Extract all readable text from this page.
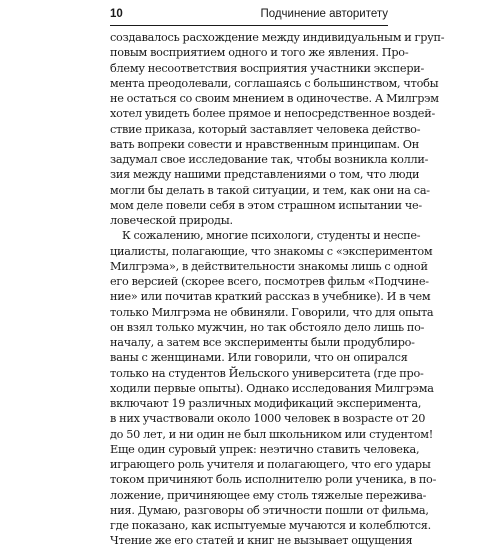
10	Подчинение авторитету
создавалось расхождение между индивидуальным и груп-
повым восприятием одного и того же явления. Про-
блему несоответствия восприятия участники экспери-
мента преодолевали, соглашаясь с большинством, чтобы
не остаться со своим мнением в одиночестве. А Милгрэм
хотел увидеть более прямое и непосредственное воздей-
ствие приказа, который заставляет человека действо-
вать вопреки совести и нравственным принципам. Он
задумал свое исследование так, чтобы возникла колли-
зия между нашими представлениями о том, что люди
могли бы делать в такой ситуации, и тем, как они на са-
мом деле повели себя в этом страшном испытании че-
ловеческой природы.
К сожалению, многие психологи, студенты и неспе-
циалисты, полагающие, что знакомы с «экспериментом
Милгрэма», в действительности знакомы лишь с одной
его версией (скорее всего, посмотрев фильм «Подчине-
ние» или почитав краткий рассказ в учебнике). И в чем
только Милгрэма не обвиняли. Говорили, что для опыта
он взял только мужчин, но так обстояло дело лишь по-
началу, а затем все эксперименты были продублиро-
ваны с женщинами. Или говорили, что он опирался
только на студентов Йельского университета (где про-
ходили первые опыты). Однако исследования Милгрэма
включают 19 различных модификаций эксперимента,
в них участвовали около 1000 человек в возрасте от 20
до 50 лет, и ни один не был школьником или студентом!
Еще один суровый упрек: неэтично ставить человека,
играющего роль учителя и полагающего, что его удары
током причиняют боль исполнителю роли ученика, в по-
ложение, причиняющее ему столь тяжелые пережива-
ния. Думаю, разговоры об этичности пошли от фильма,
где показано, как испытуемые мучаются и колеблются.
Чтение же его статей и книг не вызывает ощущения
